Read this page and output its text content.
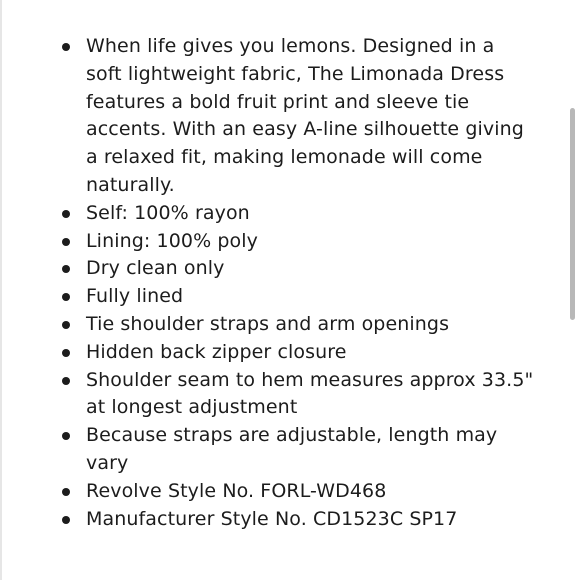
When life gives you lemons. Designed in a soft lightweight fabric, The Limonada Dress features a bold fruit print and sleeve tie accents. With an easy A-line silhouette giving a relaxed fit, making lemonade will come naturally.
Self: 100% rayon
Lining: 100% poly
Dry clean only
Fully lined
Tie shoulder straps and arm openings
Hidden back zipper closure
Shoulder seam to hem measures approx 33.5" at longest adjustment
Because straps are adjustable, length may vary
Revolve Style No. FORL-WD468
Manufacturer Style No. CD1523C SP17
